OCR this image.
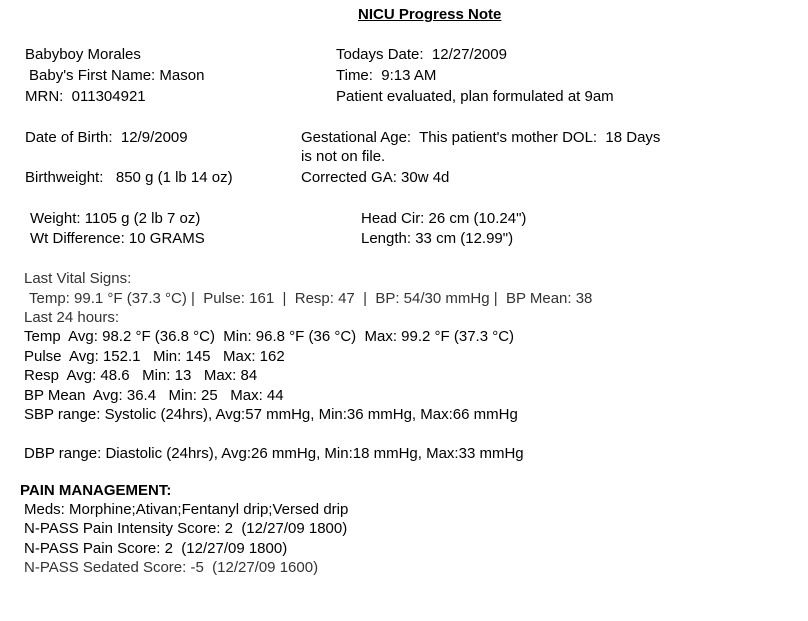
NICU Progress Note
Babyboy Morales
Baby's First Name: Mason
MRN:  011304921
Todays Date:  12/27/2009
Time:  9:13 AM
Patient evaluated, plan formulated at 9am
Date of Birth:  12/9/2009
Birthweight:   850 g (1 lb 14 oz)
Gestational Age:  This patient's mother DOL:  18 Days
is not on file.
Corrected GA: 30w 4d
Weight: 1105 g (2 lb 7 oz)
Wt Difference: 10 GRAMS
Head Cir: 26 cm (10.24")
Length: 33 cm (12.99")
Last Vital Signs:
Temp: 99.1 °F (37.3 °C) |  Pulse: 161  |  Resp: 47  |  BP: 54/30 mmHg |  BP Mean: 38
Last 24 hours:
Temp  Avg: 98.2 °F (36.8 °C)  Min: 96.8 °F (36 °C)  Max: 99.2 °F (37.3 °C)
Pulse  Avg: 152.1   Min: 145   Max: 162
Resp  Avg: 48.6   Min: 13   Max: 84
BP Mean  Avg: 36.4   Min: 25   Max: 44
SBP range: Systolic (24hrs), Avg:57 mmHg, Min:36 mmHg, Max:66 mmHg
DBP range: Diastolic (24hrs), Avg:26 mmHg, Min:18 mmHg, Max:33 mmHg
PAIN MANAGEMENT:
Meds: Morphine;Ativan;Fentanyl drip;Versed drip
N-PASS Pain Intensity Score: 2  (12/27/09 1800)
N-PASS Pain Score: 2  (12/27/09 1800)
N-PASS Sedated Score: -5  (12/27/09 1600)
